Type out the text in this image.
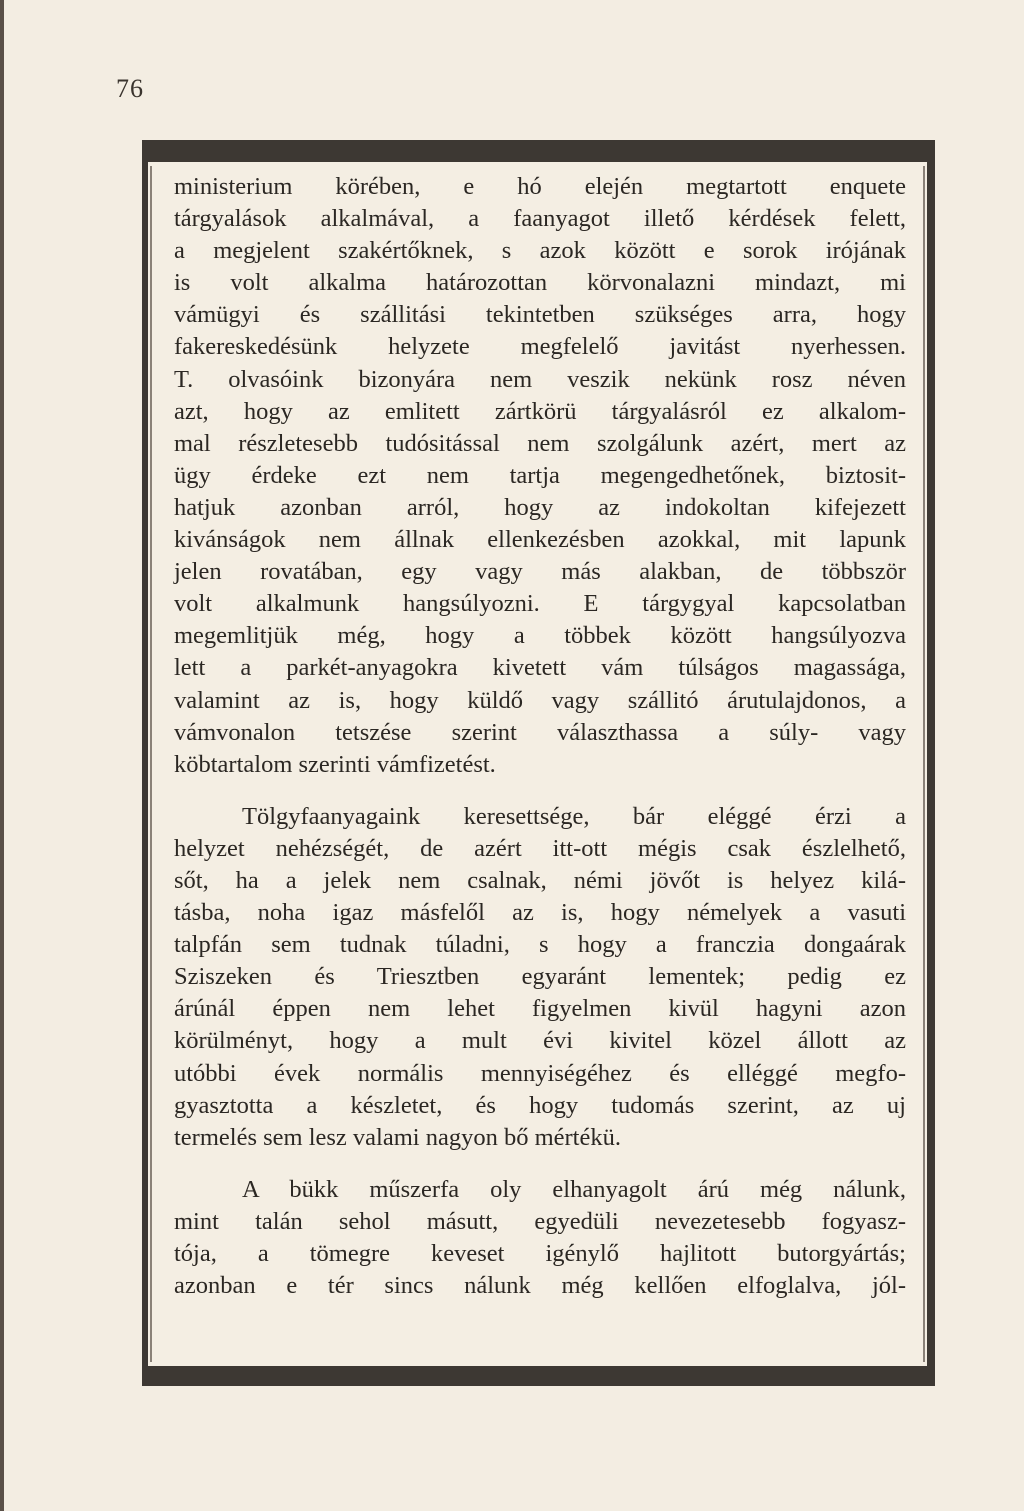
76
ministerium körében, e hó elején megtartott enquete
tárgyalások alkalmával, a faanyagot illető kérdések felett,
a megjelent szakértőknek, s azok között e sorok irójának
is volt alkalma határozottan körvonalazni mindazt, mi
vámügyi és szállitási tekintetben szükséges arra, hogy
fakereskedésünk helyzete megfelelő javitást nyerhessen.
T. olvasóink bizonyára nem veszik nekünk rosz néven
azt, hogy az emlitett zártkörü tárgyalásról ez alkalom-
mal részletesebb tudósitással nem szolgálunk azért, mert az
ügy érdeke ezt nem tartja megengedhetőnek, biztosit-
hatjuk azonban arról, hogy az indokoltan kifejezett
kivánságok nem állnak ellenkezésben azokkal, mit lapunk
jelen rovatában, egy vagy más alakban, de többször
volt alkalmunk hangsúlyozni. E tárgygyal kapcsolatban
megemlitjük még, hogy a többek között hangsúlyozva
lett a parkét-anyagokra kivetett vám túlságos magassága,
valamint az is, hogy küldő vagy szállitó árutulajdonos, a
vámvonalon tetszése szerint választhassa a súly- vagy
köbtartalom szerinti vámfizetést.
Tölgyfaanyagaink keresettsége, bár eléggé érzi a
helyzet nehézségét, de azért itt-ott mégis csak észlelhető,
sőt, ha a jelek nem csalnak, némi jövőt is helyez kilá-
tásba, noha igaz másfelől az is, hogy némelyek a vasuti
talpfán sem tudnak túladni, s hogy a franczia dongaárak
Sziszeken és Triesztben egyaránt lementek; pedig ez
árúnál éppen nem lehet figyelmen kivül hagyni azon
körülményt, hogy a mult évi kivitel közel állott az
utóbbi évek normális mennyiségéhez és elléggé megfo-
gyasztotta a készletet, és hogy tudomás szerint, az uj
termelés sem lesz valami nagyon bő mértékü.
A bükk műszerfa oly elhanyagolt árú még nálunk,
mint talán sehol másutt, egyedüli nevezetesebb fogyasz-
tója, a tömegre keveset igénylő hajlitott butorgyártás;
azonban e tér sincs nálunk még kellően elfoglalva, jól-
